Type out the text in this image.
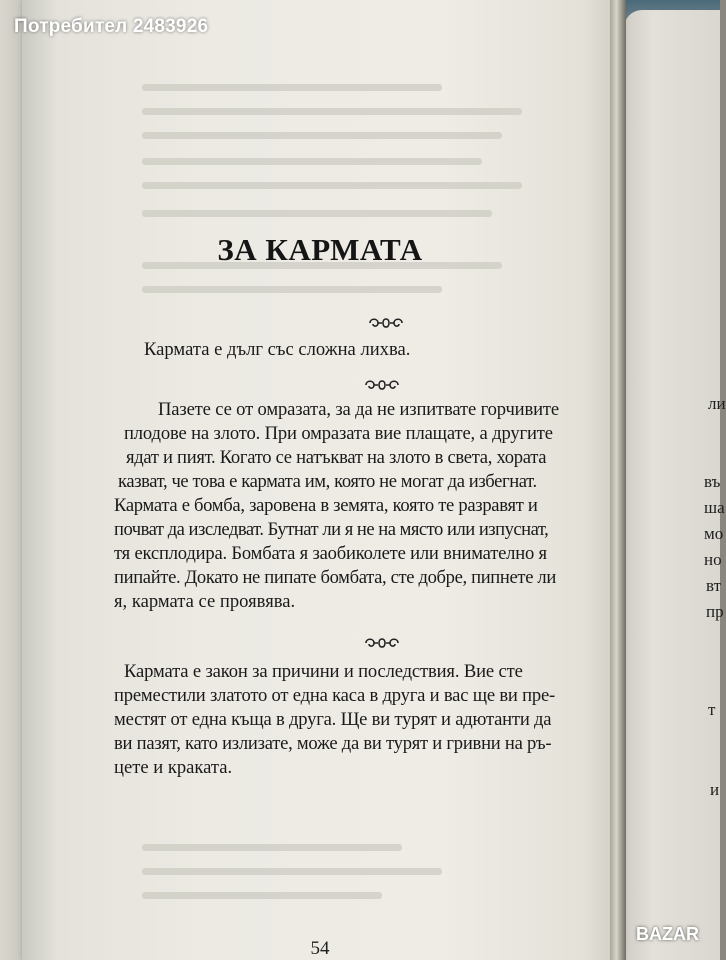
ли
въ
ша
мо
но
вт
пр
т
и
Потребител 2483926
ЗА КАРМАТА
Кармата е дълг със сложна лихва.
Пазете се от омразата, за да не изпитвате горчивите
плодове на злото. При омразата вие плащате, а другите
ядат и пият. Когато се натъкват на злото в света, хората
казват, че това е кармата им, която не могат да избегнат.
Кармата е бомба, заровена в земята, която те разравят и
почват да изследват. Бутнат ли я не на място или изпуснат,
тя експлодира. Бомбата я заобиколете или внимателно я
пипайте. Докато не пипате бомбата, сте добре, пипнете ли
я, кармата се проявява.
Кармата е закон за причини и последствия. Вие сте
преместили златото от една каса в друга и вас ще ви пре-
местят от една къща в друга. Ще ви турят и адютанти да
ви пазят, като излизате, може да ви турят и гривни на ръ-
цете и краката.
54
BAZAR
